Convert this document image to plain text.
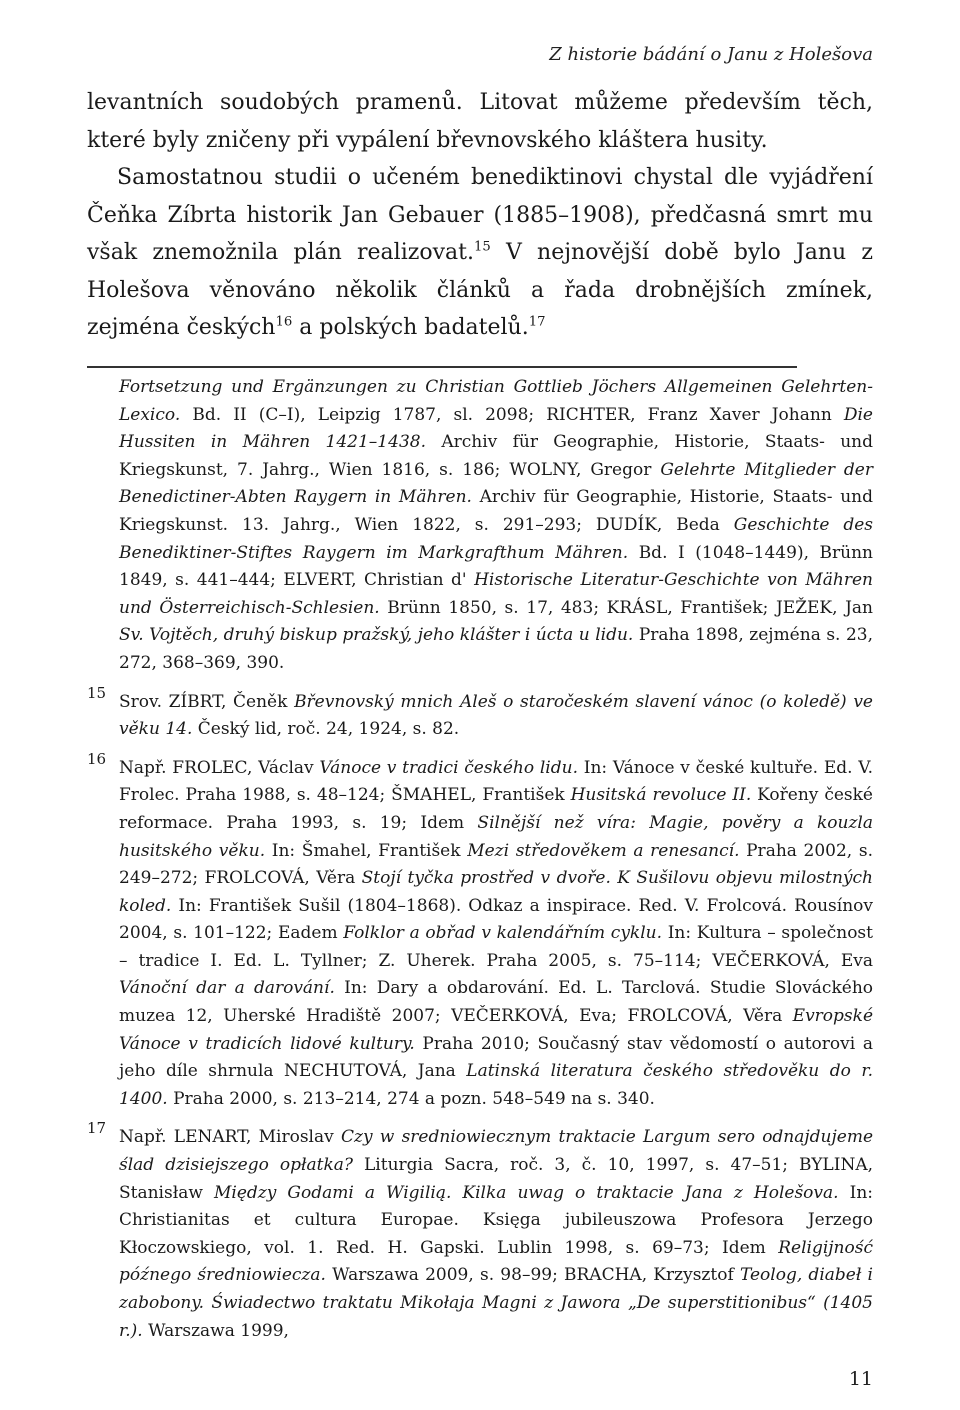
Z historie bádání o Janu z Holešova

levantních soudobých pramenů. Litovat můžeme především těch, které byly zničeny při vypálení břevnovského kláštera husity.

Samostatnou studii o učeném benediktinovi chystal dle vyjádření Čeňka Zíbrta historik Jan Gebauer (1885–1908), předčasná smrt mu však znemožnila plán realizovat.$^{15}$ V nejnovější době bylo Janu z Holešova věnováno několik článků a řada drobnějších zmínek, zejména českých$^{16}$ a polských badatelů.$^{17}$

Fortsetzung und Ergänzungen zu Christian Gottlieb Jöchers Allgemeinen Gelehrten-Lexico. Bd. II (C–I), Leipzig 1787, sl. 2098; RICHTER, Franz Xaver Johann Die Hussiten in Mähren 1421–1438. Archiv für Geographie, Historie, Staats- und Kriegskunst, 7. Jahrg., Wien 1816, s. 186; WOLNY, Gregor Gelehrte Mitglieder der Benedictiner-Abten Raygern in Mähren. Archiv für Geographie, Historie, Staats- und Kriegskunst. 13. Jahrg., Wien 1822, s. 291–293; DUDÍK, Beda Geschichte des Benediktiner-Stiftes Raygern im Markgrafthum Mähren. Bd. I (1048–1449), Brünn 1849, s. 441–444; ELVERT, Christian d' Historische Literatur-Geschichte von Mähren und Österreichisch-Schlesien. Brünn 1850, s. 17, 483; KRÁSL, František; JEŽEK, Jan Sv. Vojtěch, druhý biskup pražský, jeho klášter i úcta u lidu. Praha 1898, zejména s. 23, 272, 368–369, 390.
15 Srov. ZÍBRT, Čeněk Břevnovský mnich Aleš o staročeském slavení vánoc (o koledě) ve věku 14. Český lid, roč. 24, 1924, s. 82.
16 Např. FROLEC, Václav Vánoce v tradici českého lidu. In: Vánoce v české kultuře. Ed. V. Frolec. Praha 1988, s. 48–124; ŠMAHEL, František Husitská revoluce II. Kořeny české reformace. Praha 1993, s. 19; Idem Silnější než víra: Magie, pověry a kouzla husitského věku. In: Šmahel, František Mezi středověkem a renesancí. Praha 2002, s. 249–272; FROLCOVÁ, Věra Stojí tyčka prostřed v dvoře. K Sušilovu objevu milostných koled. In: František Sušil (1804–1868). Odkaz a inspirace. Red. V. Frolcová. Rousínov 2004, s. 101–122; Eadem Folklor a obřad v kalendářním cyklu. In: Kultura – společnost – tradice I. Ed. L. Tyllner; Z. Uherek. Praha 2005, s. 75–114; VEČERKOVÁ, Eva Vánoční dar a darování. In: Dary a obdarování. Ed. L. Tarclová. Studie Slováckého muzea 12, Uherské Hradiště 2007; VEČERKOVÁ, Eva; FROLCOVÁ, Věra Evropské Vánoce v tradicích lidové kultury. Praha 2010; Současný stav vědomostí o autorovi a jeho díle shrnula NECHUTOVÁ, Jana Latinská literatura českého středověku do r. 1400. Praha 2000, s. 213–214, 274 a pozn. 548–549 na s. 340.
17 Např. LENART, Miroslav Czy w sredniowiecznym traktacie Largum sero odnajdujeme ślad dzisiejszego opłatka? Liturgia Sacra, roč. 3, č. 10, 1997, s. 47–51; BYLINA, Stanisław Między Godami a Wigilią. Kilka uwag o traktacie Jana z Holešova. In: Christianitas et cultura Europae. Księga jubileuszowa Profesora Jerzego Kłoczowskiego, vol. 1. Red. H. Gapski. Lublin 1998, s. 69–73; Idem Religijność późnego średniowiecza. Warszawa 2009, s. 98–99; BRACHA, Krzysztof Teolog, diabeł i zabobony. Świadectwo traktatu Mikołaja Magni z Jawora „De superstitionibus“ (1405 r.). Warszawa 1999,
11
